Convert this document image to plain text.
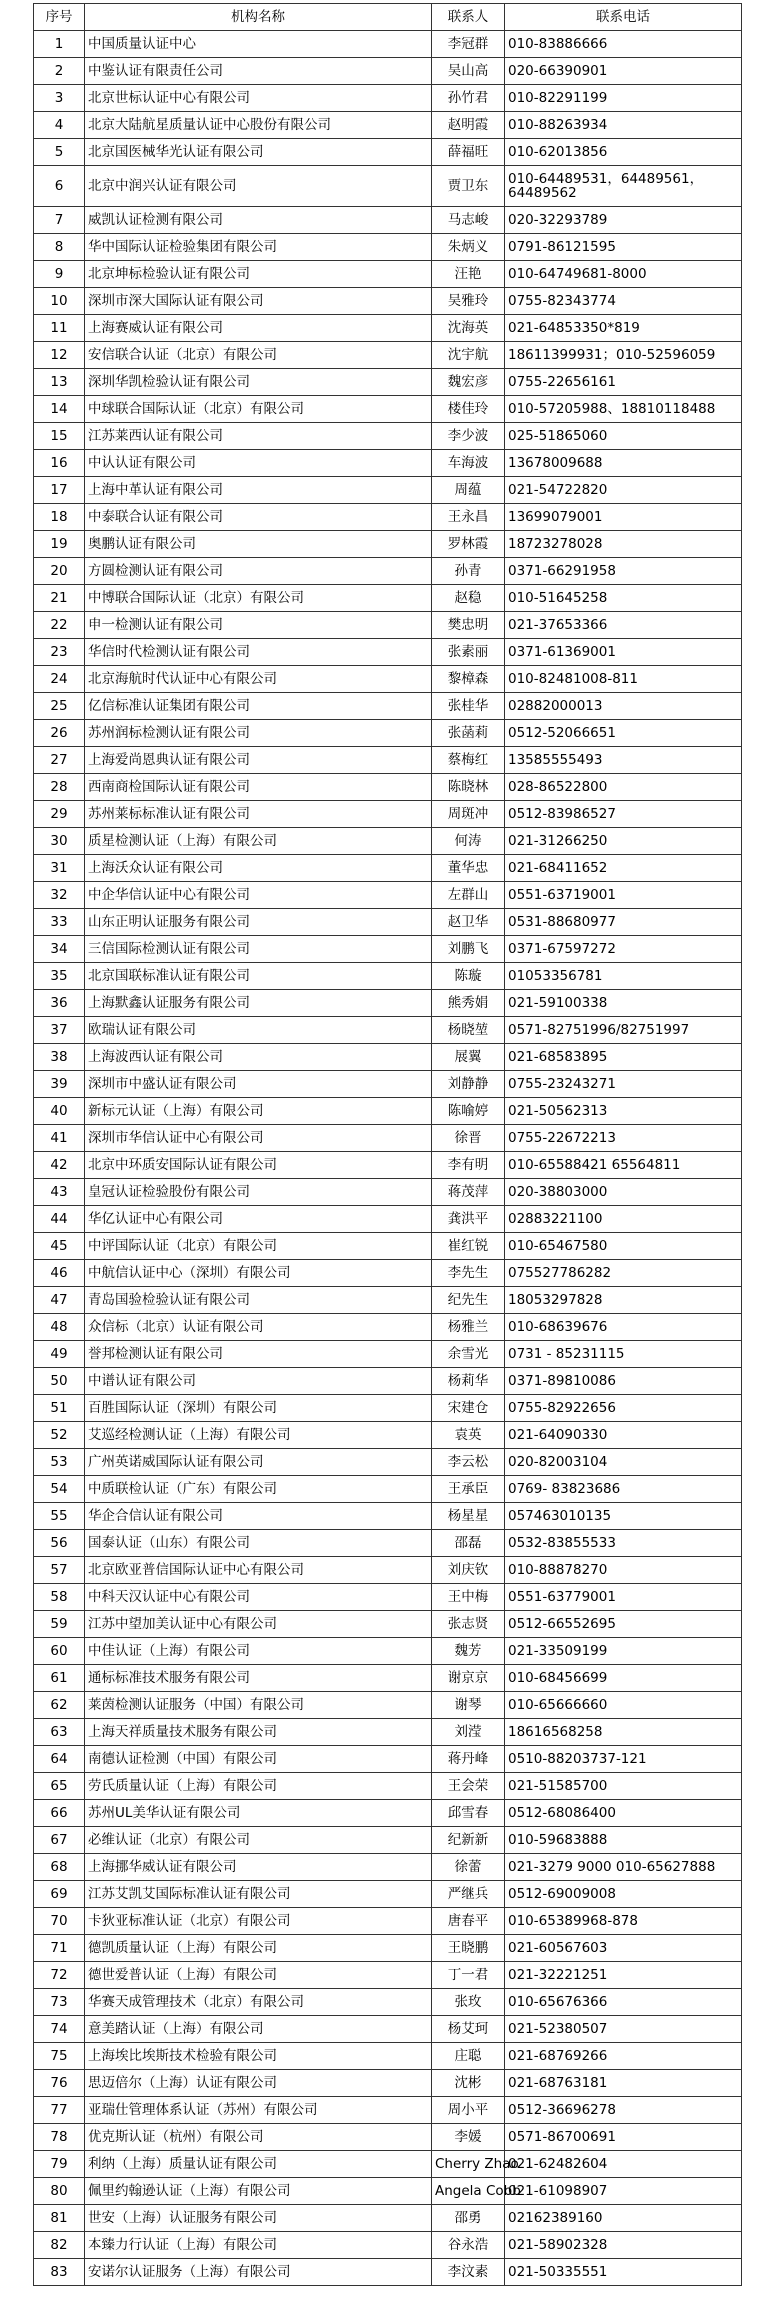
序号	机构名称	联系人	联系电话
1	中国质量认证中心	李冠群	010-83886666
2	中鉴认证有限责任公司	吴山高	020-66390901
3	北京世标认证中心有限公司	孙竹君	010-82291199
4	北京大陆航星质量认证中心股份有限公司	赵明霞	010-88263934
5	北京国医械华光认证有限公司	薛福旺	010-62013856
6	北京中润兴认证有限公司	贾卫东	010-64489531，64489561，64489562
7	威凯认证检测有限公司	马志峻	020-32293789
8	华中国际认证检验集团有限公司	朱炳义	0791-86121595
9	北京坤标检验认证有限公司	汪艳	010-64749681-8000
10	深圳市深大国际认证有限公司	吴雅玲	0755-82343774
11	上海赛威认证有限公司	沈海英	021-64853350*819
12	安信联合认证（北京）有限公司	沈宇航	18611399931；010-52596059
13	深圳华凯检验认证有限公司	魏宏彦	0755-22656161
14	中球联合国际认证（北京）有限公司	楼佳玲	010-57205988、18810118488
15	江苏莱西认证有限公司	李少波	025-51865060
16	中认认证有限公司	车海波	13678009688
17	上海中革认证有限公司	周蕴	021-54722820
18	中泰联合认证有限公司	王永昌	13699079001
19	奥鹏认证有限公司	罗林霞	18723278028
20	方圆检测认证有限公司	孙青	0371-66291958
21	中博联合国际认证（北京）有限公司	赵稳	010-51645258
22	申一检测认证有限公司	樊忠明	021-37653366
23	华信时代检测认证有限公司	张素丽	0371-61369001
24	北京海航时代认证中心有限公司	黎樟森	010-82481008-811
25	亿信标准认证集团有限公司	张桂华	02882000013
26	苏州润标检测认证有限公司	张菡莉	0512-52066651
27	上海爱尚恩典认证有限公司	蔡梅红	13585555493
28	西南商检国际认证有限公司	陈晓林	028-86522800
29	苏州莱标标准认证有限公司	周斑冲	0512-83986527
30	质星检测认证（上海）有限公司	何涛	021-31266250
31	上海沃众认证有限公司	董华忠	021-68411652
32	中企华信认证中心有限公司	左群山	0551-63719001
33	山东正明认证服务有限公司	赵卫华	0531-88680977
34	三信国际检测认证有限公司	刘鹏飞	0371-67597272
35	北京国联标准认证有限公司	陈璇	01053356781
36	上海默鑫认证服务有限公司	熊秀娟	021-59100338
37	欧瑞认证有限公司	杨晓堃	0571-82751996/82751997
38	上海波西认证有限公司	展翼	021-68583895
39	深圳市中盛认证有限公司	刘静静	0755-23243271
40	新标元认证（上海）有限公司	陈喻婷	021-50562313
41	深圳市华信认证中心有限公司	徐晋	0755-22672213
42	北京中环质安国际认证有限公司	李有明	010-65588421 65564811
43	皇冠认证检验股份有限公司	蒋茂萍	020-38803000
44	华亿认证中心有限公司	龚洪平	02883221100
45	中评国际认证（北京）有限公司	崔红锐	010-65467580
46	中航信认证中心（深圳）有限公司	李先生	075527786282
47	青岛国验检验认证有限公司	纪先生	18053297828
48	众信标（北京）认证有限公司	杨雅兰	010-68639676
49	誉邦检测认证有限公司	余雪光	0731 - 85231115
50	中谱认证有限公司	杨莉华	0371-89810086
51	百胜国际认证（深圳）有限公司	宋建仓	0755-82922656
52	艾巡经检测认证（上海）有限公司	袁英	021-64090330
53	广州英诺威国际认证有限公司	李云松	020-82003104
54	中质联检认证（广东）有限公司	王承臣	0769- 83823686
55	华企合信认证有限公司	杨星星	057463010135
56	国泰认证（山东）有限公司	邵磊	0532-83855533
57	北京欧亚普信国际认证中心有限公司	刘庆钦	010-88878270
58	中科天汉认证中心有限公司	王中梅	0551-63779001
59	江苏中望加美认证中心有限公司	张志贤	0512-66552695
60	中佳认证（上海）有限公司	魏芳	021-33509199
61	通标标准技术服务有限公司	谢京京	010-68456699
62	莱茵检测认证服务（中国）有限公司	谢琴	010-65666660
63	上海天祥质量技术服务有限公司	刘滢	18616568258
64	南德认证检测（中国）有限公司	蒋丹峰	0510-88203737-121
65	劳氏质量认证（上海）有限公司	王会荣	021-51585700
66	苏州UL美华认证有限公司	邱雪春	0512-68086400
67	必维认证（北京）有限公司	纪新新	010-59683888
68	上海挪华威认证有限公司	徐蕾	021-3279 9000 010-65627888
69	江苏艾凯艾国际标准认证有限公司	严继兵	0512-69009008
70	卡狄亚标准认证（北京）有限公司	唐春平	010-65389968-878
71	德凯质量认证（上海）有限公司	王晓鹏	021-60567603
72	德世爱普认证（上海）有限公司	丁一君	021-32221251
73	华赛天成管理技术（北京）有限公司	张玫	010-65676366
74	意美踏认证（上海）有限公司	杨艾珂	021-52380507
75	上海埃比埃斯技术检验有限公司	庄聪	021-68769266
76	思迈倍尔（上海）认证有限公司	沈彬	021-68763181
77	亚瑞仕管理体系认证（苏州）有限公司	周小平	0512-36696278
78	优克斯认证（杭州）有限公司	李媛	0571-86700691
79	利纳（上海）质量认证有限公司	Cherry Zhao	021-62482604
80	佩里约翰逊认证（上海）有限公司	Angela Cobb	021-61098907
81	世安（上海）认证服务有限公司	邵勇	02162389160
82	本臻力行认证（上海）有限公司	谷永浩	021-58902328
83	安诺尔认证服务（上海）有限公司	李汶素	021-50335551
